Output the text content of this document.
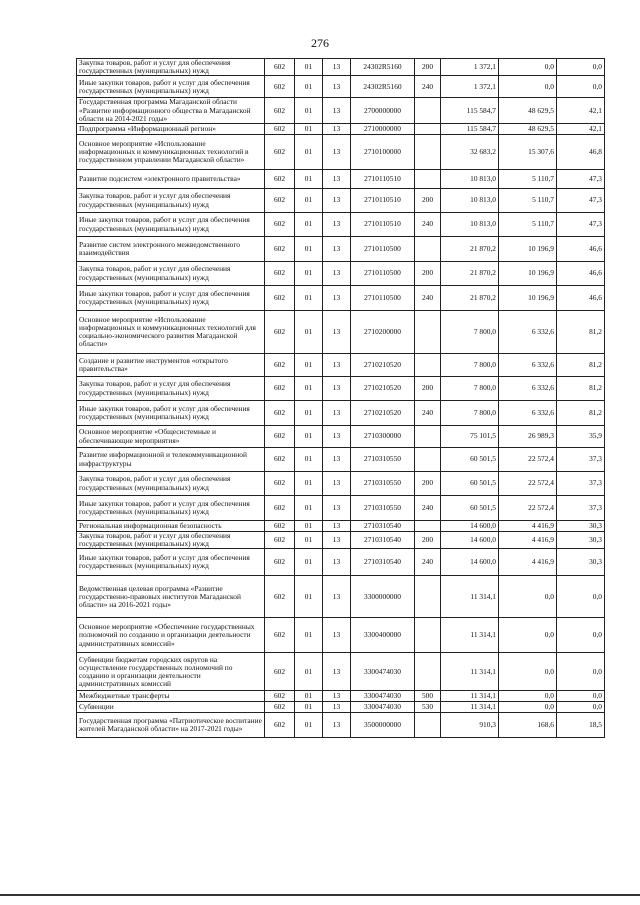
276
Закупка товаров, работ и услуг для обеспечения государственных (муниципальных) нужд	602	01	13	24302R5160	200	1 372,1	0,0	0,0
Иные закупки товаров, работ и услуг для обеспечения государственных (муниципальных) нужд	602	01	13	24302R5160	240	1 372,1	0,0	0,0
Государственная программа Магаданской области «Развитие информационного общества в Магаданской области на 2014-2021 годы»	602	01	13	2700000000		115 584,7	48 629,5	42,1
Подпрограмма «Информационный регион»	602	01	13	2710000000		115 584,7	48 629,5	42,1
Основное мероприятие «Использование информационных и коммуникационных технологий в государственном управлении Магаданской области»	602	01	13	2710100000		32 683,2	15 307,6	46,8
Развитие подсистем «электронного правительства»	602	01	13	2710110510		10 813,0	5 110,7	47,3
Закупка товаров, работ и услуг для обеспечения государственных (муниципальных) нужд	602	01	13	2710110510	200	10 813,0	5 110,7	47,3
Иные закупки товаров, работ и услуг для обеспечения государственных (муниципальных) нужд	602	01	13	2710110510	240	10 813,0	5 110,7	47,3
Развитие систем электронного межведомственного взаимодействия	602	01	13	2710110500		21 870,2	10 196,9	46,6
Закупка товаров, работ и услуг для обеспечения государственных (муниципальных) нужд	602	01	13	2710110500	200	21 870,2	10 196,9	46,6
Иные закупки товаров, работ и услуг для обеспечения государственных (муниципальных) нужд	602	01	13	2710110500	240	21 870,2	10 196,9	46,6
Основное мероприятие «Использование информационных и коммуникационных технологий для социально-экономического развития Магаданской области»	602	01	13	2710200000		7 800,0	6 332,6	81,2
Создание и развитие инструментов «открытого правительства»	602	01	13	2710210520		7 800,0	6 332,6	81,2
Закупка товаров, работ и услуг для обеспечения государственных (муниципальных) нужд	602	01	13	2710210520	200	7 800,0	6 332,6	81,2
Иные закупки товаров, работ и услуг для обеспечения государственных (муниципальных) нужд	602	01	13	2710210520	240	7 800,0	6 332,6	81,2
Основное мероприятие «Общесистемные и обеспечивающие мероприятия»	602	01	13	2710300000		75 101,5	26 989,3	35,9
Развитие информационной и телекоммуникационной инфраструктуры	602	01	13	2710310550		60 501,5	22 572,4	37,3
Закупка товаров, работ и услуг для обеспечения государственных (муниципальных) нужд	602	01	13	2710310550	200	60 501,5	22 572,4	37,3
Иные закупки товаров, работ и услуг для обеспечения государственных (муниципальных) нужд	602	01	13	2710310550	240	60 501,5	22 572,4	37,3
Региональная информационная безопасность	602	01	13	2710310540		14 600,0	4 416,9	30,3
Закупка товаров, работ и услуг для обеспечения государственных (муниципальных) нужд	602	01	13	2710310540	200	14 600,0	4 416,9	30,3
Иные закупки товаров, работ и услуг для обеспечения государственных (муниципальных) нужд	602	01	13	2710310540	240	14 600,0	4 416,9	30,3
Ведомственная целевая программа «Развитие государственно-правовых институтов Магаданской области» на 2016-2021 годы»	602	01	13	3300000000		11 314,1	0,0	0,0
Основное мероприятие «Обеспечение государственных полномочий по созданию и организации деятельности административных комиссий»	602	01	13	3300400000		11 314,1	0,0	0,0
Субвенции бюджетам городских округов на осуществление государственных полномочий по созданию и организации деятельности административных комиссий	602	01	13	3300474030		11 314,1	0,0	0,0
Межбюджетные трансферты	602	01	13	3300474030	500	11 314,1	0,0	0,0
Субвенции	602	01	13	3300474030	530	11 314,1	0,0	0,0
Государственная программа «Патриотическое воспитание жителей Магаданской области» на 2017-2021 годы»	602	01	13	3500000000		910,3	168,6	18,5
